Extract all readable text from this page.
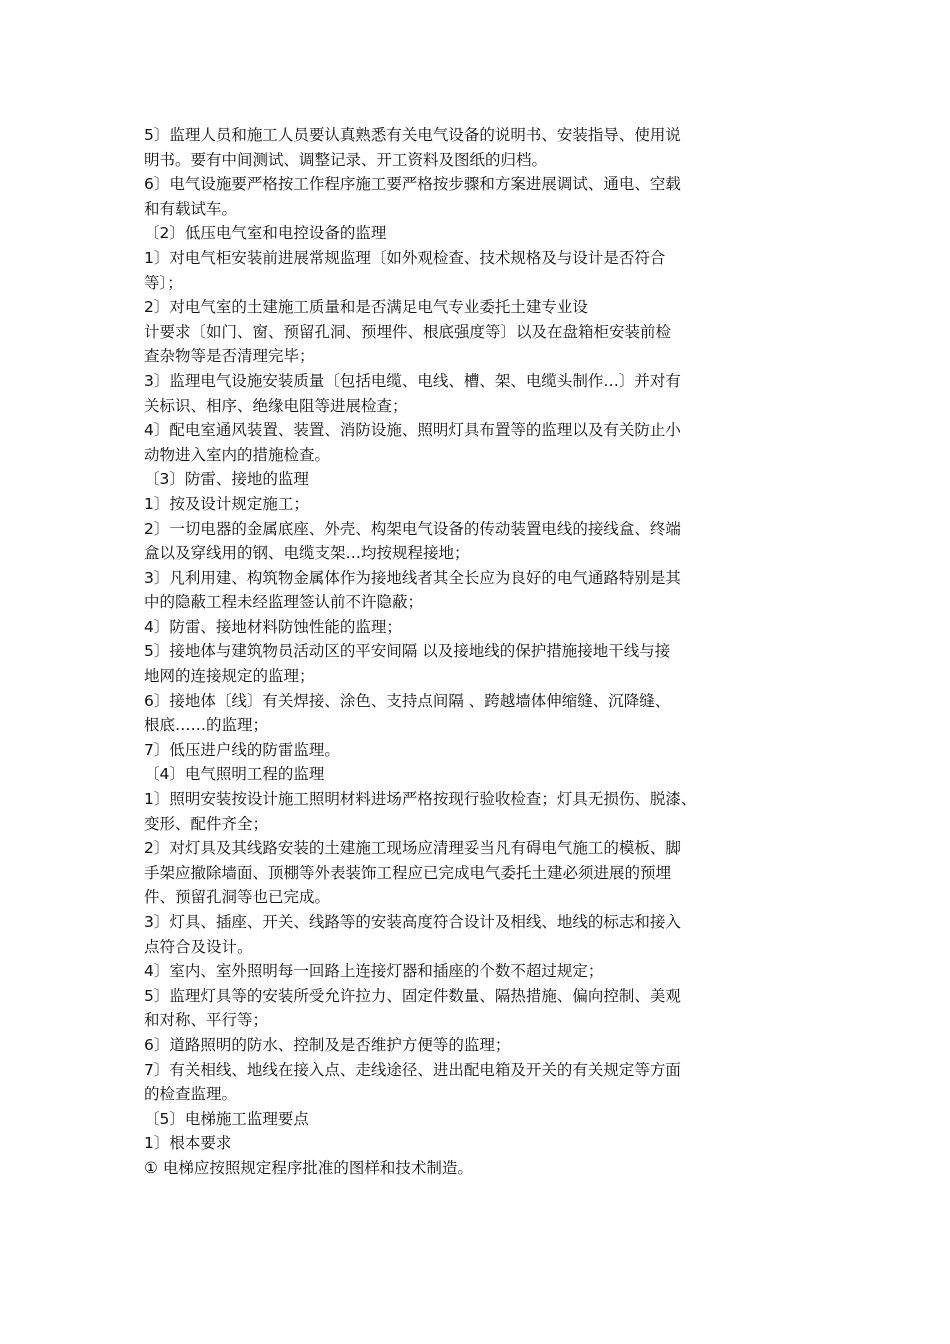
5〕监理人员和施工人员要认真熟悉有关电气设备的说明书、安装指导、使用说
明书。要有中间测试、调整记录、开工资料及图纸的归档。
6〕电气设施要严格按工作程序施工要严格按步骤和方案进展调试、通电、空载
和有载试车。
〔2〕低压电气室和电控设备的监理
1〕对电气柜安装前进展常规监理〔如外观检查、技术规格及与设计是否符合
等〕；
2〕对电气室的土建施工质量和是否满足电气专业委托土建专业设
计要求〔如门、窗、预留孔洞、预埋件、根底强度等〕以及在盘箱柜安装前检
查杂物等是否清理完毕；
3〕监理电气设施安装质量〔包括电缆、电线、槽、架、电缆头制作…〕并对有
关标识、相序、绝缘电阻等进展检查；
4〕配电室通风装置、装置、消防设施、照明灯具布置等的监理以及有关防止小
动物进入室内的措施检查。
〔3〕防雷、接地的监理
1〕按及设计规定施工；
2〕一切电器的金属底座、外壳、构架电气设备的传动装置电线的接线盒、终端
盒以及穿线用的钢、电缆支架…均按规程接地；
3〕凡利用建、构筑物金属体作为接地线者其全长应为良好的电气通路特别是其
中的隐蔽工程未经监理签认前不许隐蔽；
4〕防雷、接地材料防蚀性能的监理；
5〕接地体与建筑物员活动区的平安间隔 以及接地线的保护措施接地干线与接
地网的连接规定的监理；
6〕接地体〔线〕有关焊接、涂色、支持点间隔 、跨越墙体伸缩缝、沉降缝、
根底……的监理；
7〕低压进户线的防雷监理。
〔4〕电气照明工程的监理
1〕照明安装按设计施工照明材料进场严格按现行验收检查；灯具无损伤、脱漆、
变形、配件齐全；
2〕对灯具及其线路安装的土建施工现场应清理妥当凡有碍电气施工的模板、脚
手架应撤除墙面、顶棚等外表装饰工程应已完成电气委托土建必须进展的预埋
件、预留孔洞等也已完成。
3〕灯具、插座、开关、线路等的安装高度符合设计及相线、地线的标志和接入
点符合及设计。
4〕室内、室外照明每一回路上连接灯器和插座的个数不超过规定；
5〕监理灯具等的安装所受允许拉力、固定件数量、隔热措施、偏向控制、美观
和对称、平行等；
6〕道路照明的防水、控制及是否维护方便等的监理；
7〕有关相线、地线在接入点、走线途径、进出配电箱及开关的有关规定等方面
的检查监理。
〔5〕电梯施工监理要点
1〕根本要求
① 电梯应按照规定程序批准的图样和技术制造。
